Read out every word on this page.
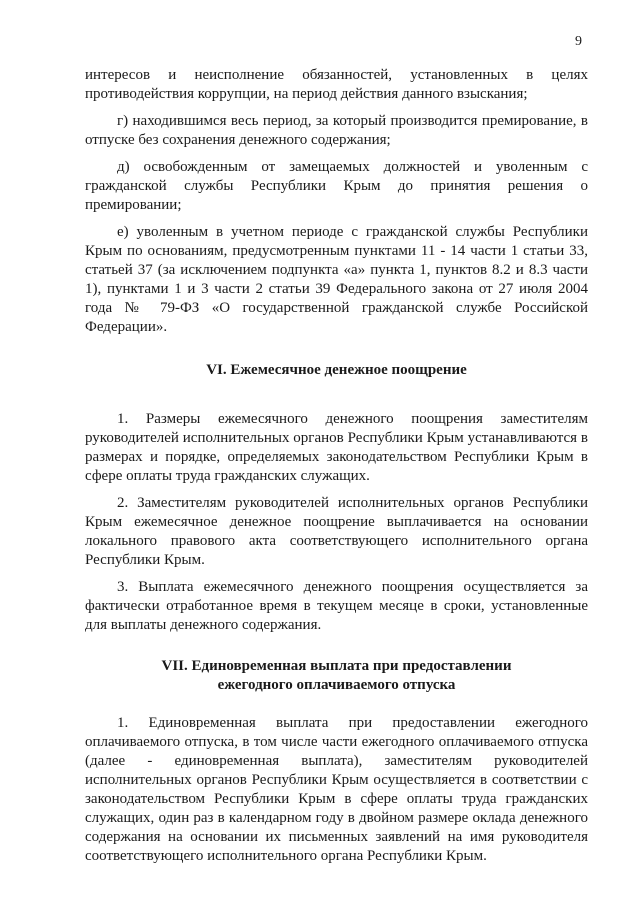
9

интересов и неисполнение обязанностей, установленных в целях противодействия коррупции, на период действия данного взыскания;

г) находившимся весь период, за который производится премирование, в отпуске без сохранения денежного содержания;

д) освобожденным от замещаемых должностей и уволенным с гражданской службы Республики Крым до принятия решения о премировании;

е) уволенным в учетном периоде с гражданской службы Республики Крым по основаниям, предусмотренным пунктами 11 - 14 части 1 статьи 33, статьей 37 (за исключением подпункта «а» пункта 1, пунктов 8.2 и 8.3 части 1), пунктами 1 и 3 части 2 статьи 39 Федерального закона от 27 июля 2004 года № 79-ФЗ «О государственной гражданской службе Российской Федерации».

VI. Ежемесячное денежное поощрение

1. Размеры ежемесячного денежного поощрения заместителям руководителей исполнительных органов Республики Крым устанавливаются в размерах и порядке, определяемых законодательством Республики Крым в сфере оплаты труда гражданских служащих.

2. Заместителям руководителей исполнительных органов Республики Крым ежемесячное денежное поощрение выплачивается на основании локального правового акта соответствующего исполнительного органа Республики Крым.

3. Выплата ежемесячного денежного поощрения осуществляется за фактически отработанное время в текущем месяце в сроки, установленные для выплаты денежного содержания.

VII. Единовременная выплата при предоставлении
ежегодного оплачиваемого отпуска

1. Единовременная выплата при предоставлении ежегодного оплачиваемого отпуска, в том числе части ежегодного оплачиваемого отпуска (далее - единовременная выплата), заместителям руководителей исполнительных органов Республики Крым осуществляется в соответствии с законодательством Республики Крым в сфере оплаты труда гражданских служащих, один раз в календарном году в двойном размере оклада денежного содержания на основании их письменных заявлений на имя руководителя соответствующего исполнительного органа Республики Крым.
